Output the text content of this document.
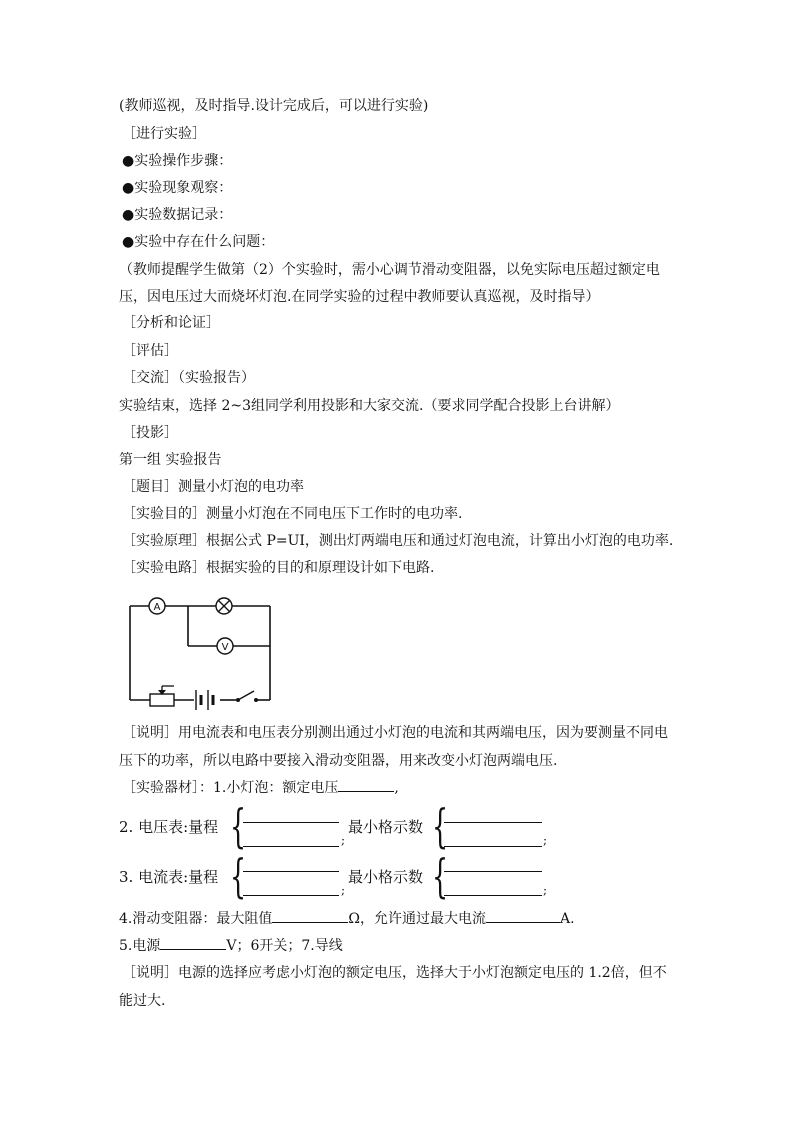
(教师巡视，及时指导.设计完成后，可以进行实验)
［进行实验］
●实验操作步骤：
●实验现象观察：
●实验数据记录：
●实验中存在什么问题：
（教师提醒学生做第（2）个实验时，需小心调节滑动变阻器，以免实际电压超过额定电
压，因电压过大而烧坏灯泡.在同学实验的过程中教师要认真巡视，及时指导）
［分析和论证］
［评估］
［交流］（实验报告）
实验结束，选择 2~3组同学利用投影和大家交流.（要求同学配合投影上台讲解）
［投影］
第一组 实验报告
［题目］测量小灯泡的电功率
［实验目的］测量小灯泡在不同电压下工作时的电功率.
［实验原理］根据公式 P=UI，测出灯两端电压和通过灯泡电流，计算出小灯泡的电功率.
［实验电路］根据实验的目的和原理设计如下电路.
A
V
［说明］用电流表和电压表分别测出通过小灯泡的电流和其两端电压，因为要测量不同电
压下的功率，所以电路中要接入滑动变阻器，用来改变小灯泡两端电压.
［实验器材］：1.小灯泡：额定电压	,
2. 电压表:量程 {	;
最小格示数 {	;
3. 电流表:量程 {	;
最小格示数 {	;
4.滑动变阻器：最大阻值	Ω，允许通过最大电流	A.
5.电源	V；6开关；7.导线
［说明］电源的选择应考虑小灯泡的额定电压，选择大于小灯泡额定电压的 1.2倍，但不
能过大.
